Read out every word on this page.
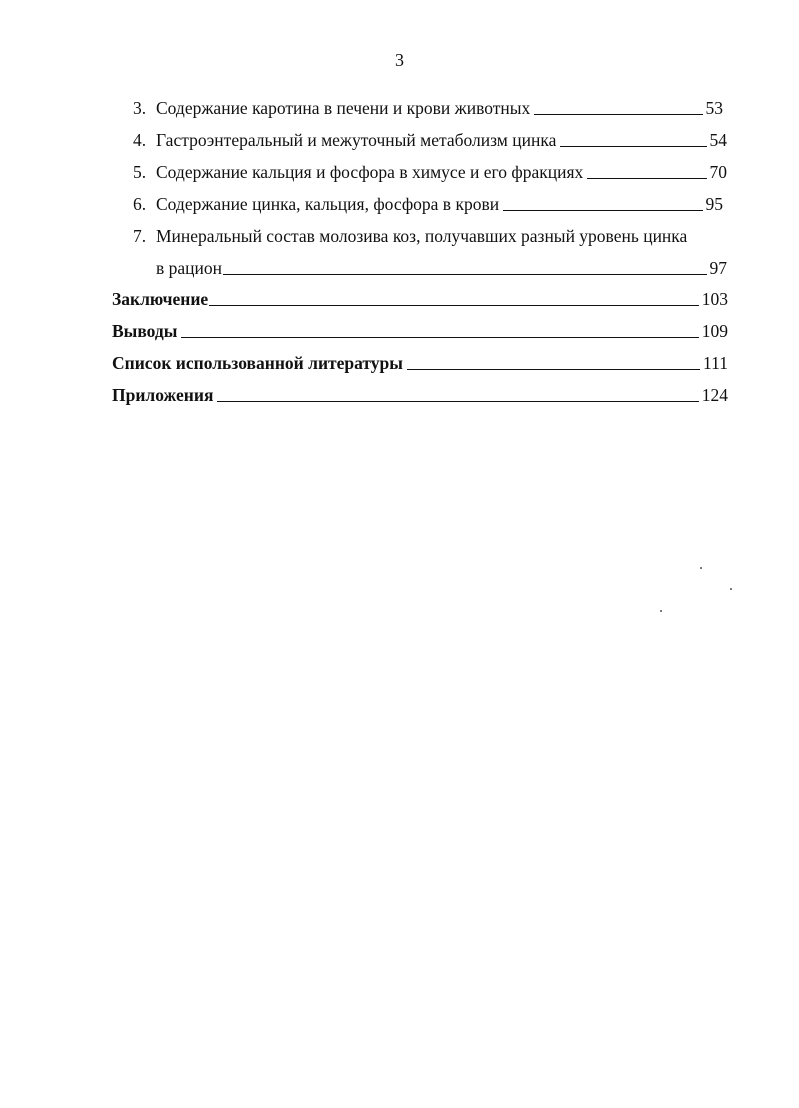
3
3. Содержание каротина в печени и крови животных	53
4. Гастроэнтеральный и межуточный метаболизм цинка	54
5. Содержание кальция и фосфора в химусе и его фракциях	70
6. Содержание цинка, кальция, фосфора в крови	95
7. Минеральный состав молозива коз, получавших разный уровень цинка
в рацион	97
Заключение	103
Выводы	109
Список использованной литературы	111
Приложения	124
